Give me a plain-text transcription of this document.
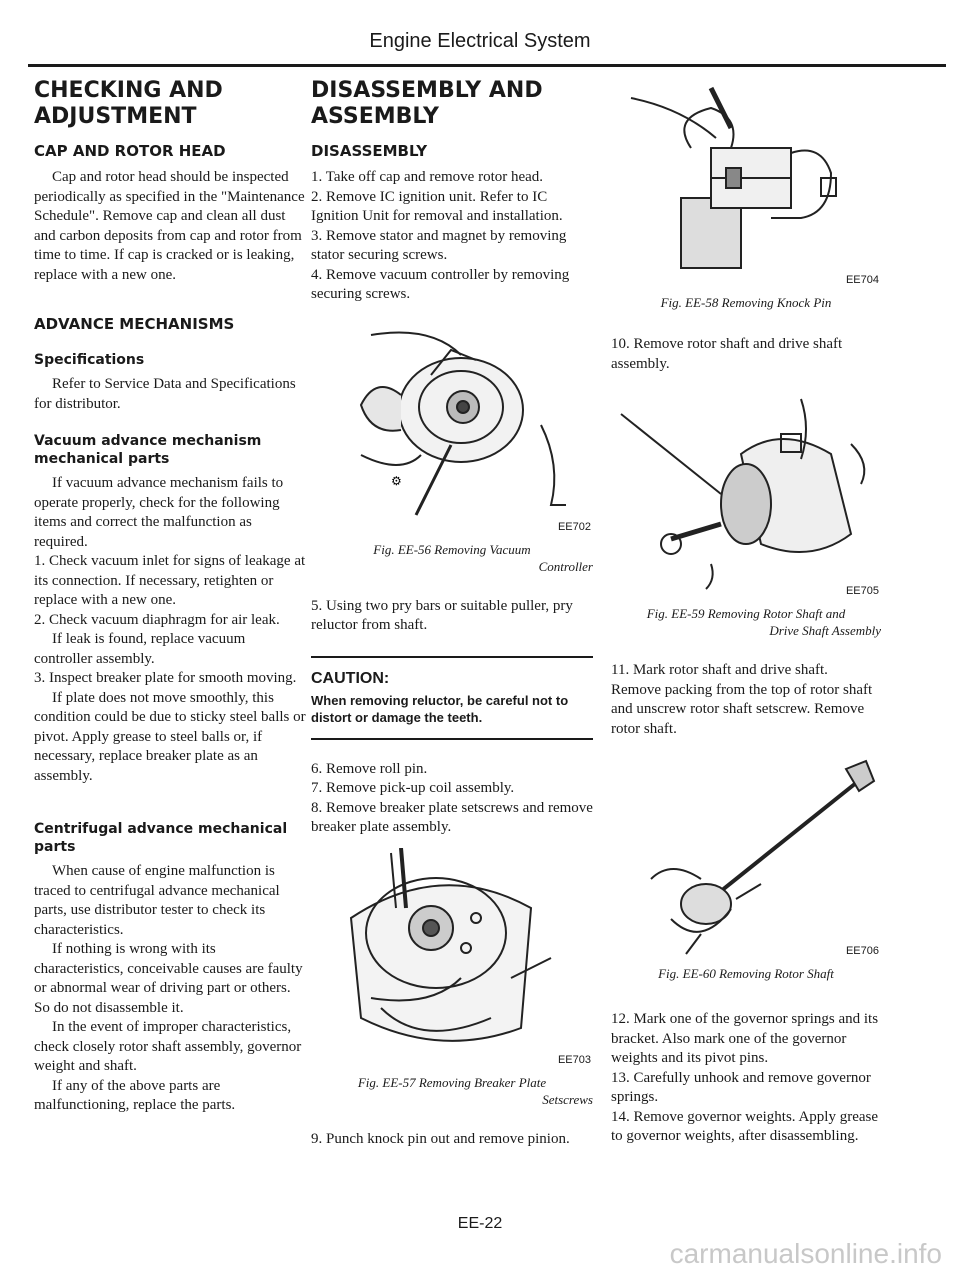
Engine Electrical System
CHECKING AND ADJUSTMENT
CAP AND ROTOR HEAD

Cap and rotor head should be inspected periodically as specified in the "Maintenance Schedule". Remove cap and clean all dust and carbon deposits from cap and rotor from time to time. If cap is cracked or is leaking, replace with a new one.

ADVANCE MECHANISMS
Specifications

Refer to Service Data and Specifications for distributor.

Vacuum advance mechanism mechanical parts

If vacuum advance mechanism fails to operate properly, check for the following items and correct the malfunction as required.

1. Check vacuum inlet for signs of leakage at its connection. If necessary, retighten or replace with a new one.

2. Check vacuum diaphragm for air leak.

If leak is found, replace vacuum controller assembly.

3. Inspect breaker plate for smooth moving.

If plate does not move smoothly, this condition could be due to sticky steel balls or pivot. Apply grease to steel balls or, if necessary, replace breaker plate as an assembly.

Centrifugal advance mechanical parts

When cause of engine malfunction is traced to centrifugal advance mechanical parts, use distributor tester to check its characteristics.

If nothing is wrong with its characteristics, conceivable causes are faulty or abnormal wear of driving part or others. So do not disassemble it.

In the event of improper characteristics, check closely rotor shaft assembly, governor weight and shaft.

If any of the above parts are malfunctioning, replace the parts.

DISASSEMBLY AND ASSEMBLY
DISASSEMBLY

1. Take off cap and remove rotor head.

2. Remove IC ignition unit. Refer to IC Ignition Unit for removal and installation.

3. Remove stator and magnet by removing stator securing screws.

4. Remove vacuum controller by removing securing screws.

⚙
EE702
Fig. EE-56 Removing Vacuum
Controller

5. Using two pry bars or suitable puller, pry reluctor from shaft.

CAUTION:
When removing reluctor, be careful not to distort or damage the teeth.

6. Remove roll pin.

7. Remove pick-up coil assembly.

8. Remove breaker plate setscrews and remove breaker plate assembly.

EE703
Fig. EE-57 Removing Breaker Plate
Setscrews

9. Punch knock pin out and remove pinion.

EE704
Fig. EE-58 Removing Knock Pin

10. Remove rotor shaft and drive shaft assembly.

EE705
Fig. EE-59 Removing Rotor Shaft and
Drive Shaft Assembly

11. Mark rotor shaft and drive shaft. Remove packing from the top of rotor shaft and unscrew rotor shaft setscrew. Remove rotor shaft.

EE706
Fig. EE-60 Removing Rotor Shaft

12. Mark one of the governor springs and its bracket. Also mark one of the governor weights and its pivot pins.

13. Carefully unhook and remove governor springs.

14. Remove governor weights. Apply grease to governor weights, after disassembling.

EE-22
carmanualsonline.info
